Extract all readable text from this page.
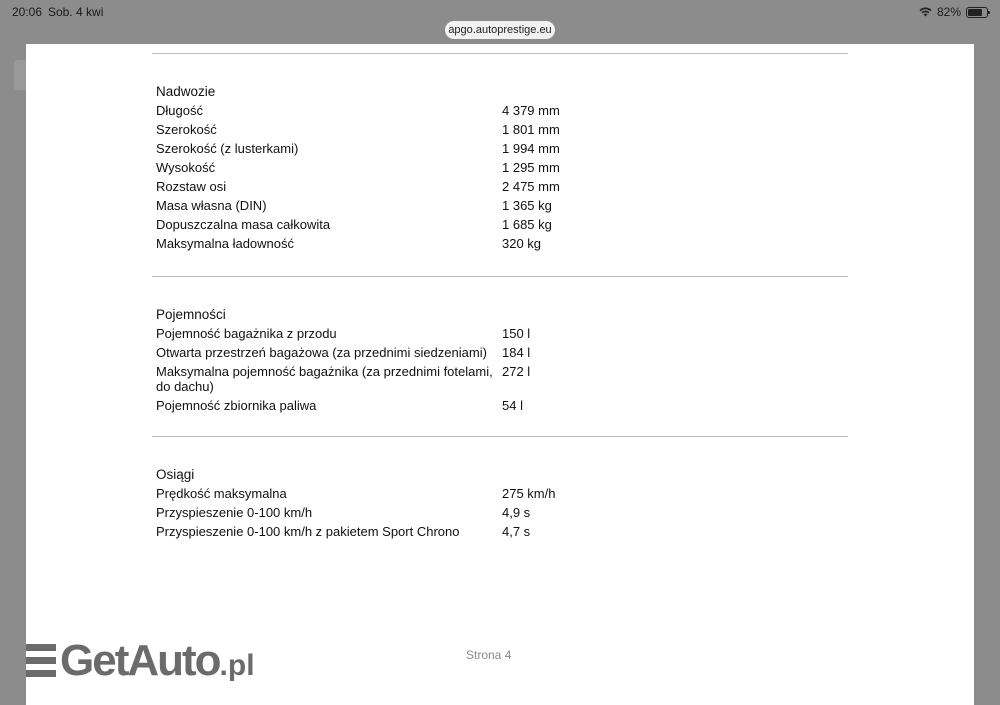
20:06 Sob. 4 kwi	82%
apgo.autoprestige.eu
Nadwozie
Długość	4 379 mm
Szerokość	1 801 mm
Szerokość (z lusterkami)	1 994 mm
Wysokość	1 295 mm
Rozstaw osi	2 475 mm
Masa własna (DIN)	1 365 kg
Dopuszczalna masa całkowita	1 685 kg
Maksymalna ładowność	320 kg
Pojemności
Pojemność bagażnika z przodu	150 l
Otwarta przestrzeń bagażowa (za przednimi siedzeniami)	184 l
Maksymalna pojemność bagażnika (za przednimi fotelami, do dachu)
272 l
Pojemność zbiornika paliwa	54 l
Osiągi
Prędkość maksymalna	275 km/h
Przyspieszenie 0-100 km/h	4,9 s
Przyspieszenie 0-100 km/h z pakietem Sport Chrono	4,7 s
Strona 4
GetAuto .pl
